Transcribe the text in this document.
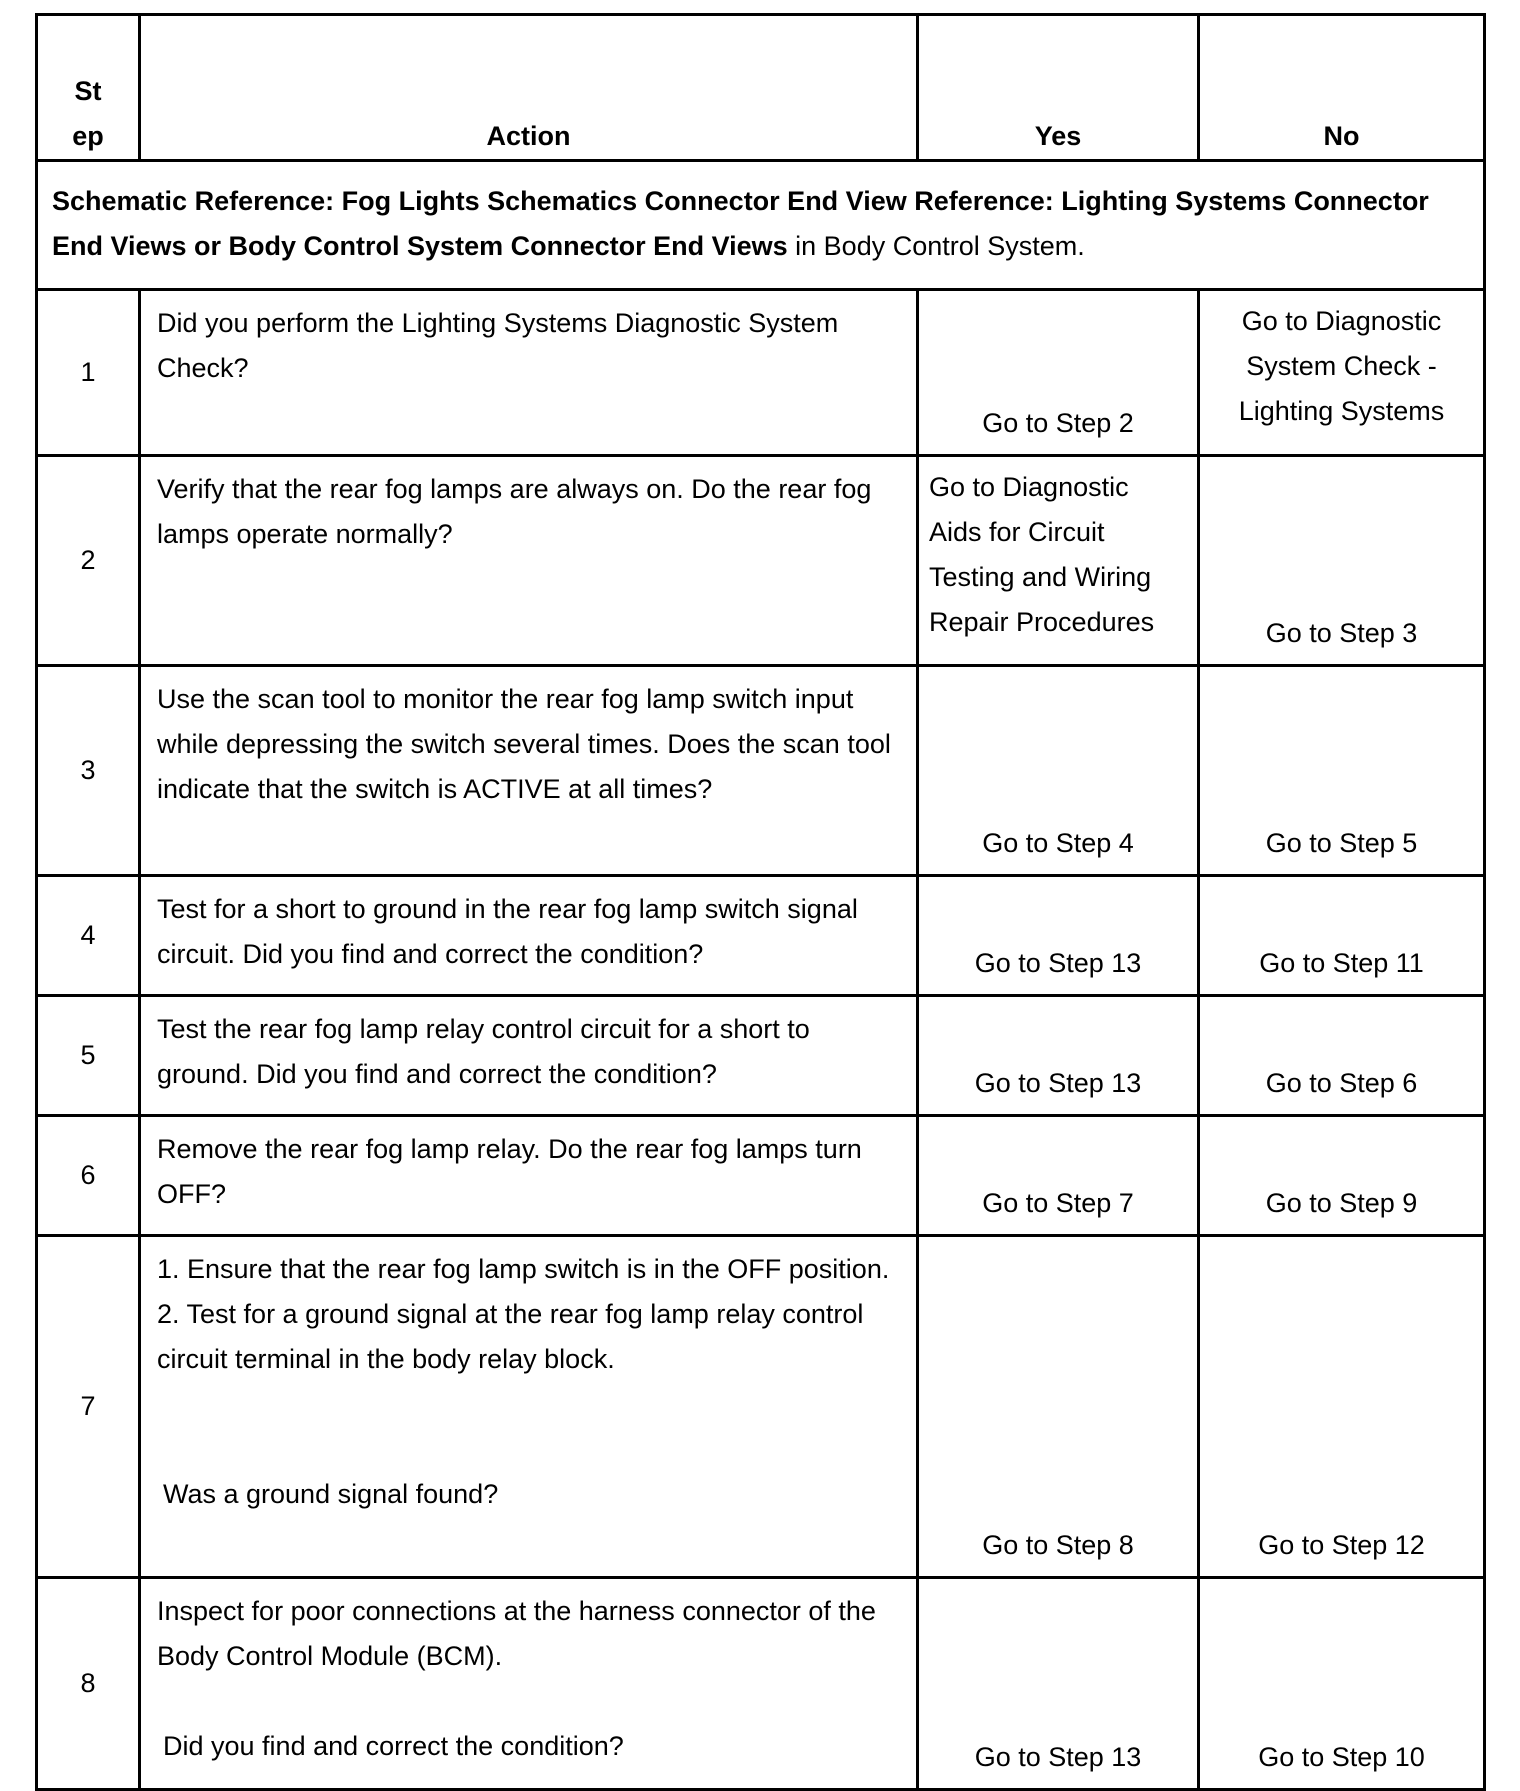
St
ep	Action	Yes	No
Schematic Reference: Fog Lights Schematics Connector End View Reference: Lighting Systems Connector End Views or Body Control System Connector End Views in Body Control System.			
1	Did you perform the Lighting Systems Diagnostic System Check?	Go to Step 2	Go to Diagnostic System Check - Lighting Systems
2	Verify that the rear fog lamps are always on. Do the rear fog lamps operate normally?	Go to Diagnostic Aids for Circuit Testing and Wiring Repair Procedures	Go to Step 3
3	Use the scan tool to monitor the rear fog lamp switch input while depressing the switch several times. Does the scan tool indicate that the switch is ACTIVE at all times?	Go to Step 4	Go to Step 5
4	Test for a short to ground in the rear fog lamp switch signal circuit. Did you find and correct the condition?	Go to Step 13	Go to Step 11
5	Test the rear fog lamp relay control circuit for a short to ground. Did you find and correct the condition?	Go to Step 13	Go to Step 6
6	Remove the rear fog lamp relay. Do the rear fog lamps turn OFF?	Go to Step 7	Go to Step 9
7	1. Ensure that the rear fog lamp switch is in the OFF position.
2. Test for a ground signal at the rear fog lamp relay control circuit terminal in the body relay block.
Was a ground signal found?	Go to Step 8	Go to Step 12
8	Inspect for poor connections at the harness connector of the Body Control Module (BCM).
Did you find and correct the condition?	Go to Step 13	Go to Step 10
